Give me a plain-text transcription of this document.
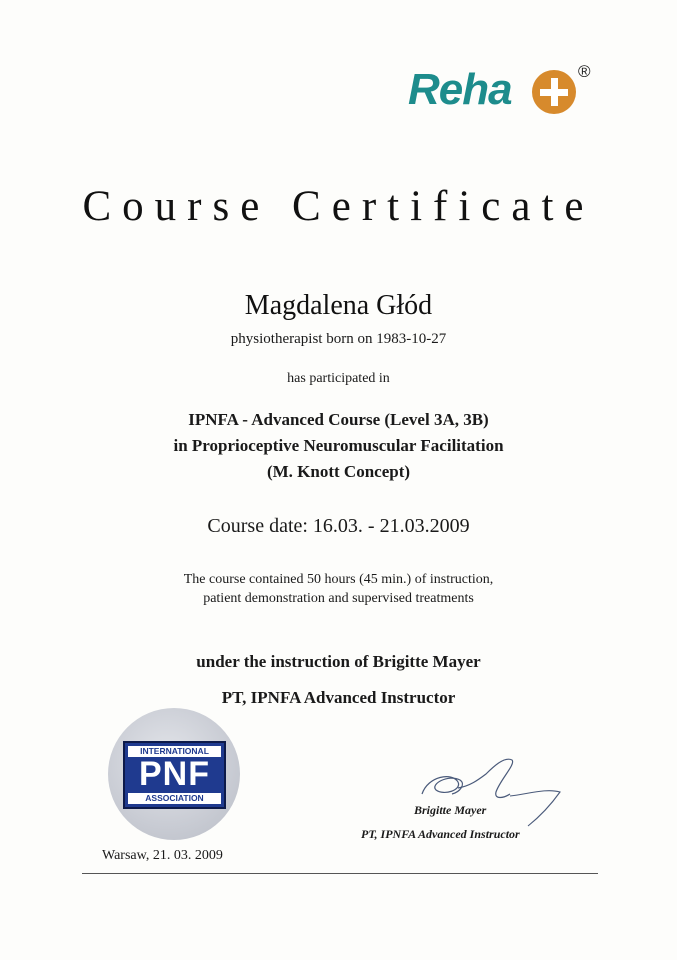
Reha	®
Course Certificate
Magdalena Głód
physiotherapist born on 1983-10-27
has participated in
IPNFA - Advanced Course (Level 3A, 3B)
in Proprioceptive Neuromuscular Facilitation
(M. Knott Concept)
Course date: 16.03. - 21.03.2009
The course contained 50 hours (45 min.) of instruction,
patient demonstration and supervised treatments
under the instruction of Brigitte Mayer
PT, IPNFA Advanced Instructor
INTERNATIONAL
PNF
ASSOCIATION
Warsaw, 21. 03. 2009
Brigitte Mayer
PT, IPNFA Advanced Instructor
